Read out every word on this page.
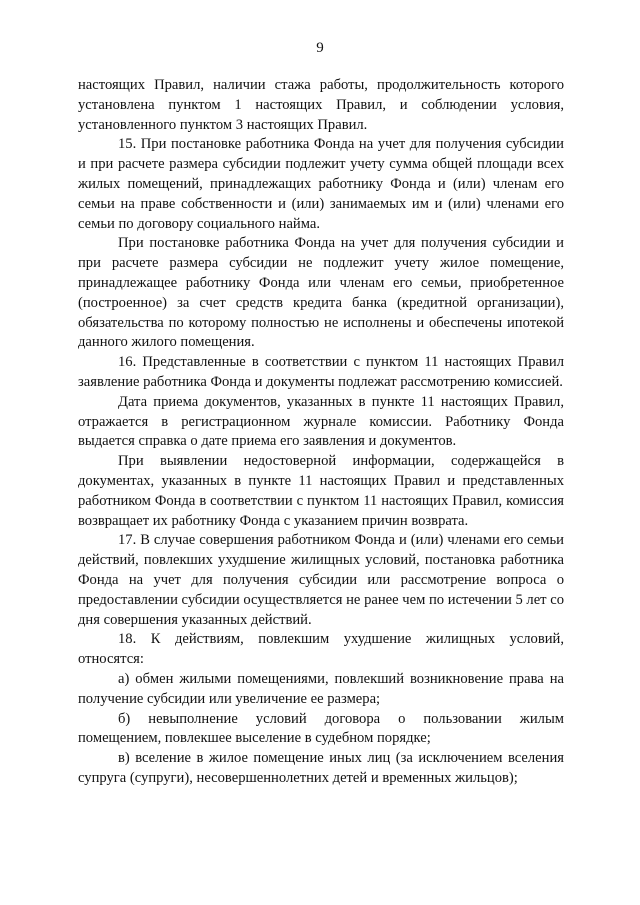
9

настоящих Правил, наличии стажа работы, продолжительность которого установлена пунктом 1 настоящих Правил, и соблюдении условия, установленного пунктом 3 настоящих Правил.

15. При постановке работника Фонда на учет для получения субсидии и при расчете размера субсидии подлежит учету сумма общей площади всех жилых помещений, принадлежащих работнику Фонда и (или) членам его семьи на праве собственности и (или) занимаемых им и (или) членами его семьи по договору социального найма.

При постановке работника Фонда на учет для получения субсидии и при расчете размера субсидии не подлежит учету жилое помещение, принадлежащее работнику Фонда или членам его семьи, приобретенное (построенное) за счет средств кредита банка (кредитной организации), обязательства по которому полностью не исполнены и обеспечены ипотекой данного жилого помещения.

16. Представленные в соответствии с пунктом 11 настоящих Правил заявление работника Фонда и документы подлежат рассмотрению комиссией.

Дата приема документов, указанных в пункте 11 настоящих Правил, отражается в регистрационном журнале комиссии. Работнику Фонда выдается справка о дате приема его заявления и документов.

При выявлении недостоверной информации, содержащейся в документах, указанных в пункте 11 настоящих Правил и представленных работником Фонда в соответствии с пунктом 11 настоящих Правил, комиссия возвращает их работнику Фонда с указанием причин возврата.

17. В случае совершения работником Фонда и (или) членами его семьи действий, повлекших ухудшение жилищных условий, постановка работника Фонда на учет для получения субсидии или рассмотрение вопроса о предоставлении субсидии осуществляется не ранее чем по истечении 5 лет со дня совершения указанных действий.

18. К действиям, повлекшим ухудшение жилищных условий, относятся:

а) обмен жилыми помещениями, повлекший возникновение права на получение субсидии или увеличение ее размера;

б) невыполнение условий договора о пользовании жилым помещением, повлекшее выселение в судебном порядке;

в) вселение в жилое помещение иных лиц (за исключением вселения супруга (супруги), несовершеннолетних детей и временных жильцов);
